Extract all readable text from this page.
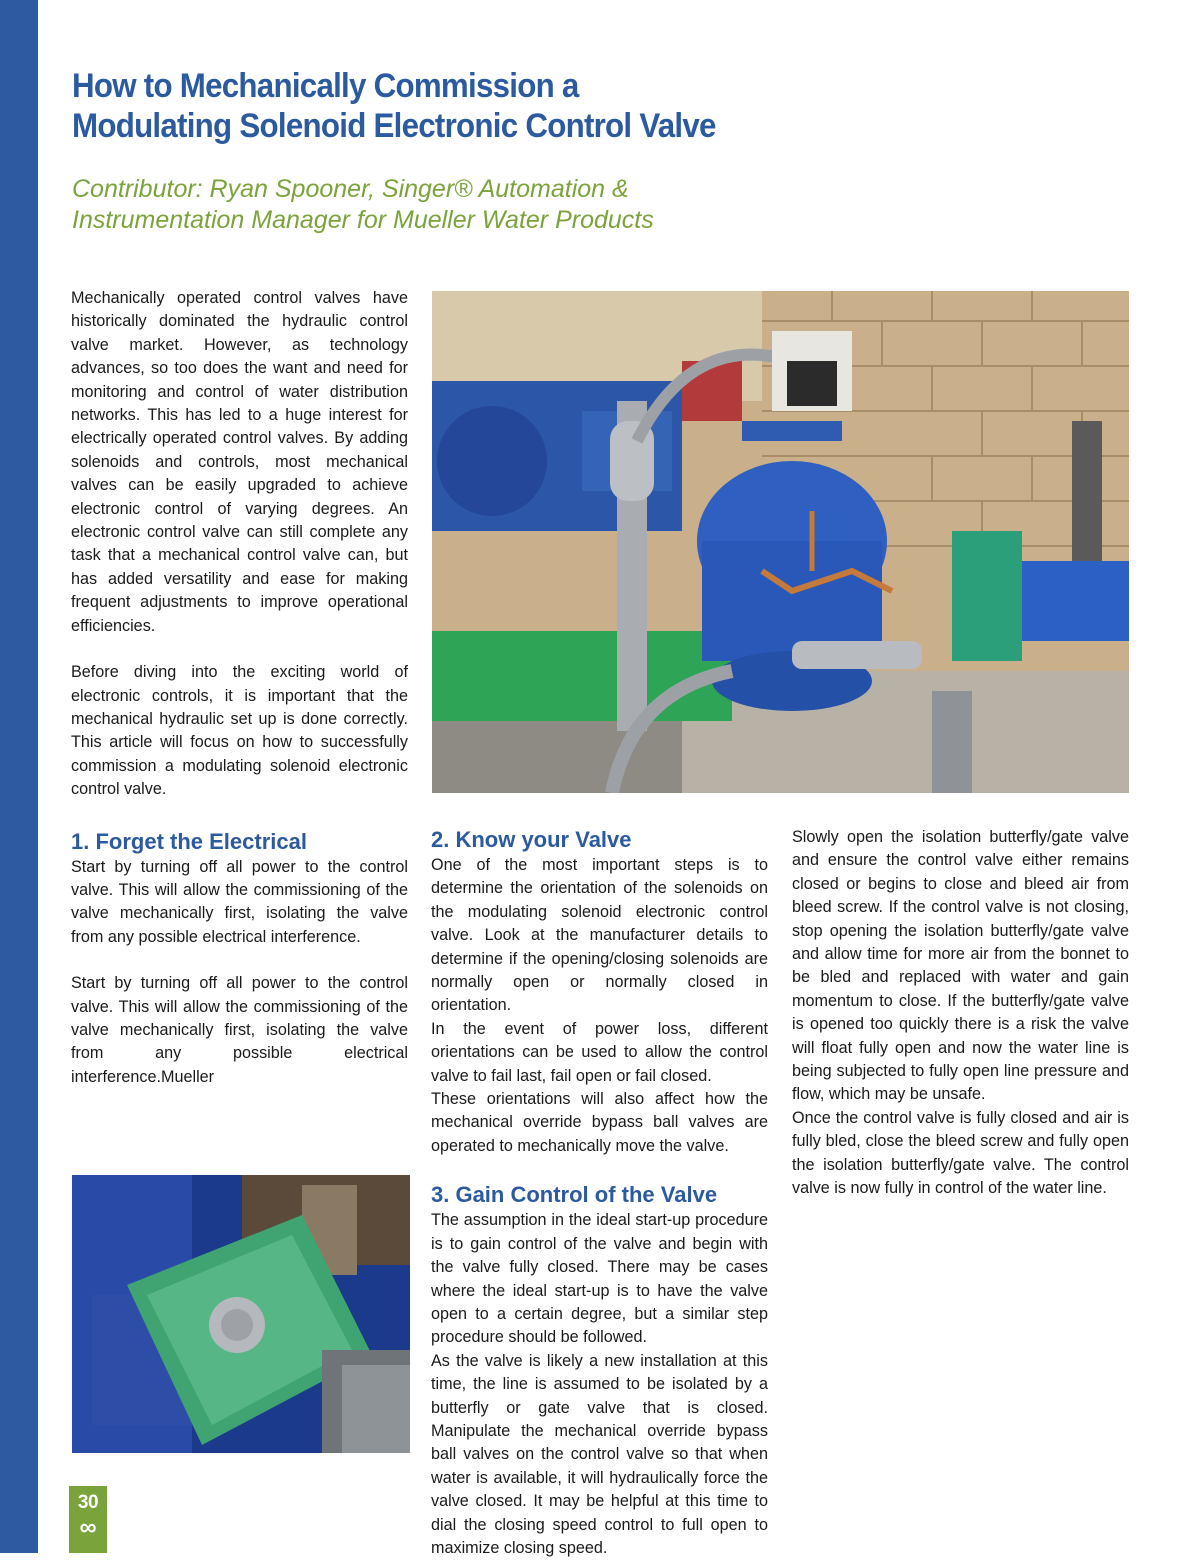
How to Mechanically Commission a
Modulating Solenoid Electronic Control Valve
Contributor: Ryan Spooner, Singer® Automation &
Instrumentation Manager for Mueller Water Products

Mechanically operated control valves have historically dominated the hydraulic control valve market. However, as technology advances, so too does the want and need for monitoring and control of water distribution networks. This has led to a huge interest for electrically operated control valves. By adding solenoids and controls, most mechanical valves can be easily upgraded to achieve electronic control of varying degrees. An electronic control valve can still complete any task that a mechanical control valve can, but has added versatility and ease for making frequent adjustments to improve operational efficiencies.

Before diving into the exciting world of electronic controls, it is important that the mechanical hydraulic set up is done correctly. This article will focus on how to successfully commission a modulating solenoid electronic control valve.

1. Forget the Electrical

Start by turning off all power to the control valve. This will allow the commissioning of the valve mechanically first, isolating the valve from any possible electrical interference.

Start by turning off all power to the control valve. This will allow the commissioning of the valve mechanically first, isolating the valve from any possible electrical interference.Mueller

2. Know your Valve

One of the most important steps is to determine the orientation of the solenoids on the modulating solenoid electronic control valve. Look at the manufacturer details to determine if the opening/closing solenoids are normally open or normally closed in orientation.

In the event of power loss, different orientations can be used to allow the control valve to fail last, fail open or fail closed.

These orientations will also affect how the mechanical override bypass ball valves are operated to mechanically move the valve.

3. Gain Control of the Valve

The assumption in the ideal start-up procedure is to gain control of the valve and begin with the valve fully closed. There may be cases where the ideal start-up is to have the valve open to a certain degree, but a similar step procedure should be followed.

As the valve is likely a new installation at this time, the line is assumed to be isolated by a butterfly or gate valve that is closed. Manipulate the mechanical override bypass ball valves on the control valve so that when water is available, it will hydraulically force the valve closed. It may be helpful at this time to dial the closing speed control to full open to maximize closing speed.

Slowly open the isolation butterfly/gate valve and ensure the control valve either remains closed or begins to close and bleed air from bleed screw. If the control valve is not closing, stop opening the isolation butterfly/gate valve and allow time for more air from the bonnet to be bled and replaced with water and gain momentum to close. If the butterfly/gate valve is opened too quickly there is a risk the valve will float fully open and now the water line is being subjected to fully open line pressure and flow, which may be unsafe.

Once the control valve is fully closed and air is fully bled, close the bleed screw and fully open the isolation butterfly/gate valve. The control valve is now fully in control of the water line.

30
∞
